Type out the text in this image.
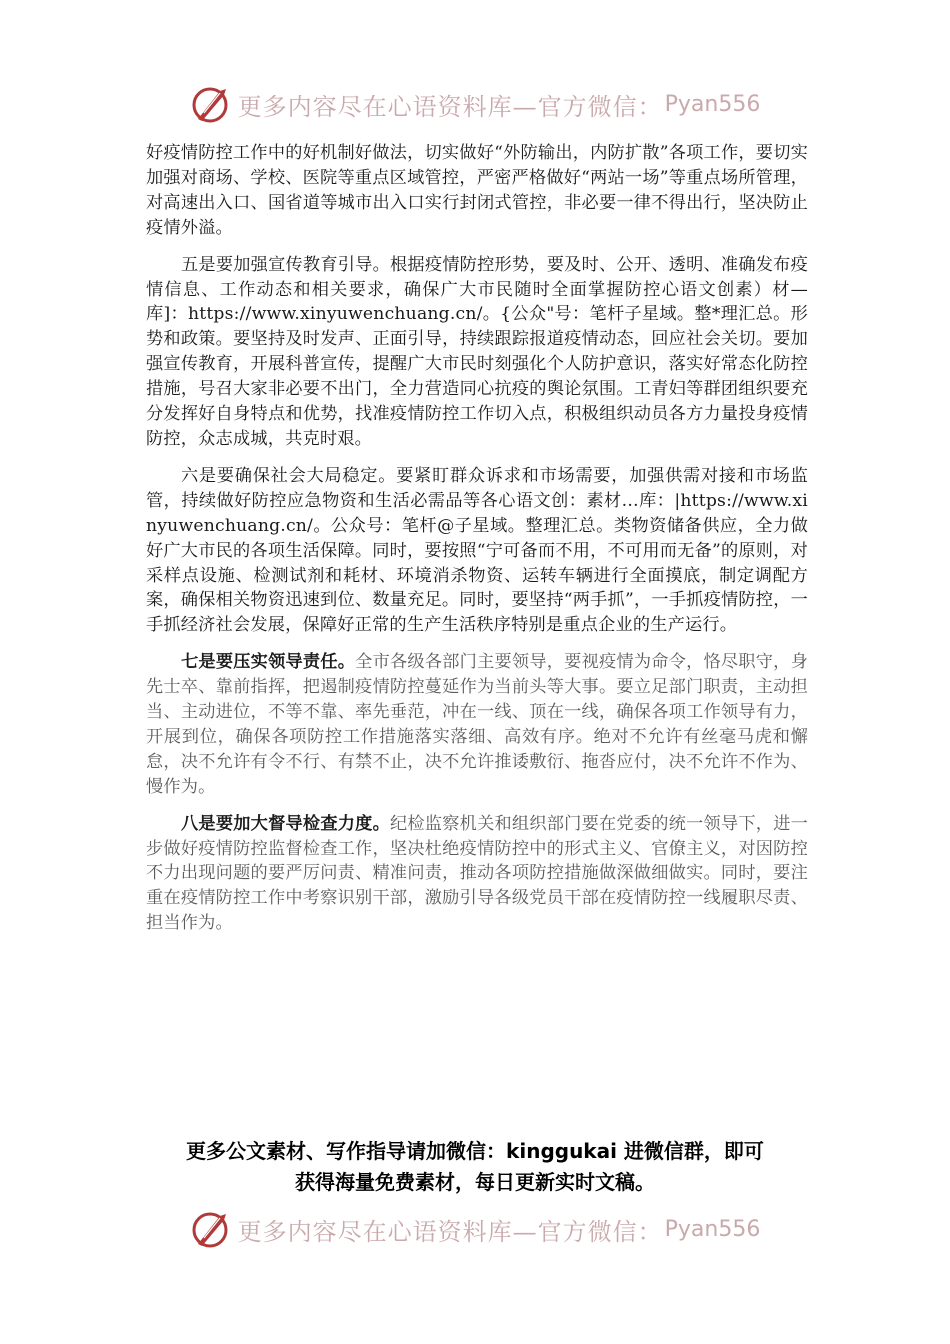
更多内容尽在心语资料库—官方微信： Pyan556

好疫情防控工作中的好机制好做法，切实做好“外防输出，内防扩散”各项工作，要切实加强对商场、学校、医院等重点区域管控，严密严格做好“两站一场”等重点场所管理，对高速出入口、国省道等城市出入口实行封闭式管控，非必要一律不得出行，坚决防止疫情外溢。

五是要加强宣传教育引导。根据疫情防控形势，要及时、公开、透明、准确发布疫情信息、工作动态和相关要求，确保广大市民随时全面掌握防控心语文创素）材—库]：https://www.xinyuwenchuang.cn/。{公众"号：笔杆子星域。整*理汇总。形势和政策。要坚持及时发声、正面引导，持续跟踪报道疫情动态，回应社会关切。要加强宣传教育，开展科普宣传，提醒广大市民时刻强化个人防护意识，落实好常态化防控措施，号召大家非必要不出门，全力营造同心抗疫的舆论氛围。工青妇等群团组织要充分发挥好自身特点和优势，找准疫情防控工作切入点，积极组织动员各方力量投身疫情防控，众志成城，共克时艰。

六是要确保社会大局稳定。要紧盯群众诉求和市场需要，加强供需对接和市场监管，持续做好防控应急物资和生活必需品等各心语文创：素材…库：|https://www.xinyuwenchuang.cn/。公众号：笔杆@子星域。整理汇总。类物资储备供应，全力做好广大市民的各项生活保障。同时，要按照“宁可备而不用，不可用而无备”的原则，对采样点设施、检测试剂和耗材、环境消杀物资、运转车辆进行全面摸底，制定调配方案，确保相关物资迅速到位、数量充足。同时，要坚持“两手抓”，一手抓疫情防控，一手抓经济社会发展，保障好正常的生产生活秩序特别是重点企业的生产运行。

七是要压实领导责任。全市各级各部门主要领导，要视疫情为命令，恪尽职守，身先士卒、靠前指挥，把遏制疫情防控蔓延作为当前头等大事。要立足部门职责，主动担当、主动进位，不等不靠、率先垂范，冲在一线、顶在一线，确保各项工作领导有力，开展到位，确保各项防控工作措施落实落细、高效有序。绝对不允许有丝毫马虎和懈怠，决不允许有令不行、有禁不止，决不允许推诿敷衍、拖沓应付，决不允许不作为、慢作为。

八是要加大督导检查力度。纪检监察机关和组织部门要在党委的统一领导下，进一步做好疫情防控监督检查工作，坚决杜绝疫情防控中的形式主义、官僚主义，对因防控不力出现问题的要严厉问责、精准问责，推动各项防控措施做深做细做实。同时，要注重在疫情防控工作中考察识别干部，激励引导各级党员干部在疫情防控一线履职尽责、担当作为。

更多公文素材、写作指导请加微信：kinggukai 进微信群，即可
获得海量免费素材，每日更新实时文稿。
更多内容尽在心语资料库—官方微信： Pyan556
